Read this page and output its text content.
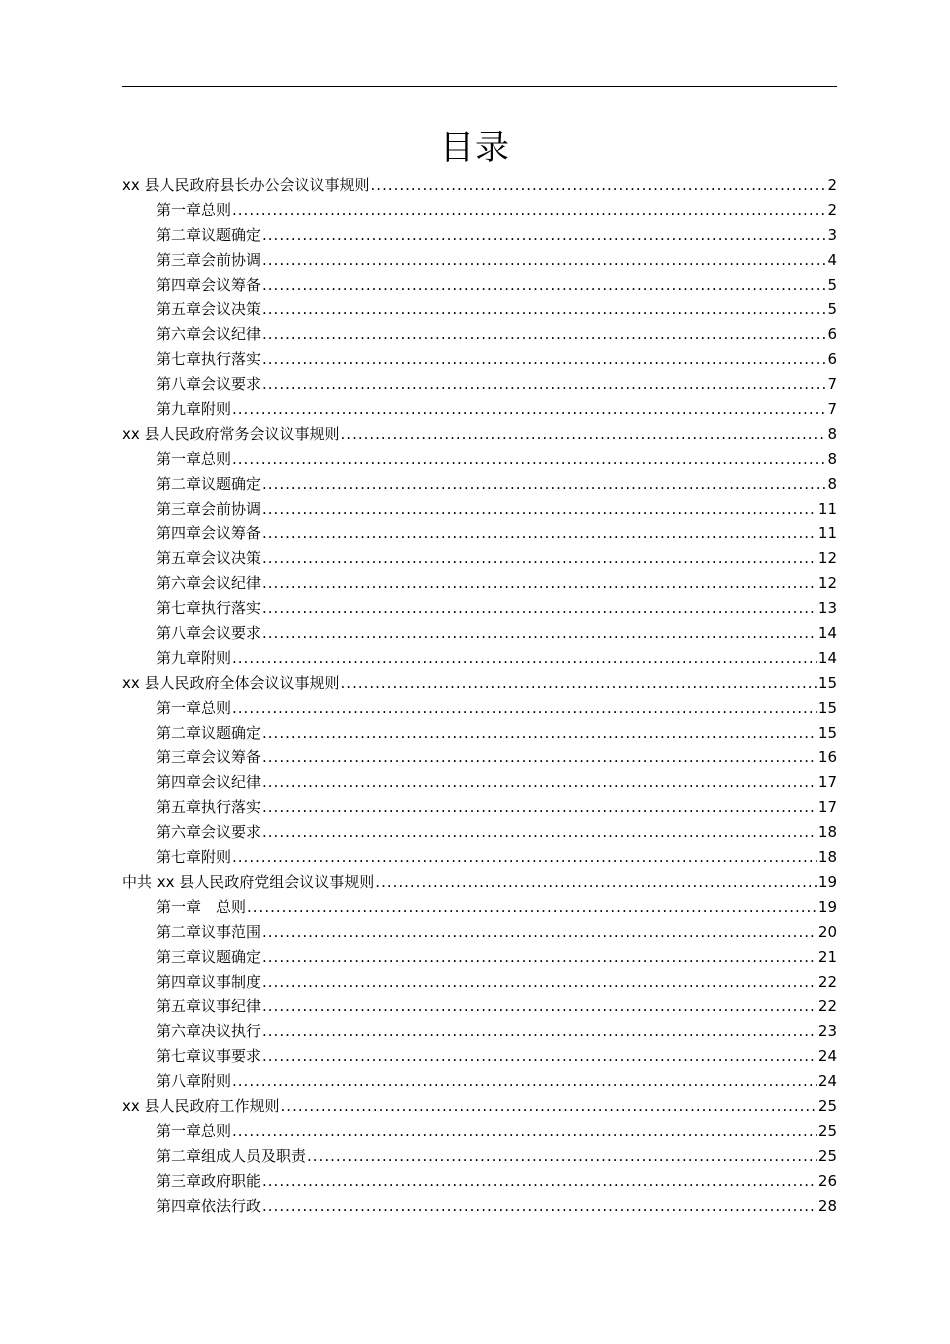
目录
xx 县人民政府县长办公会议议事规则 .....	2
第一章总则 .....	2
第二章议题确定 .....	3
第三章会前协调 .....	4
第四章会议筹备 .....	5
第五章会议决策 .....	5
第六章会议纪律 .....	6
第七章执行落实 .....	6
第八章会议要求 .....	7
第九章附则 .....	7
xx 县人民政府常务会议议事规则 .....	8
第一章总则 .....	8
第二章议题确定 .....	8
第三章会前协调 .....	11
第四章会议筹备 .....	11
第五章会议决策 .....	12
第六章会议纪律 .....	12
第七章执行落实 .....	13
第八章会议要求 .....	14
第九章附则 .....	14
xx 县人民政府全体会议议事规则 .....	15
第一章总则 .....	15
第二章议题确定 .....	15
第三章会议筹备 .....	16
第四章会议纪律 .....	17
第五章执行落实 .....	17
第六章会议要求 .....	18
第七章附则 .....	18
中共 xx 县人民政府党组会议议事规则 .....	19
第一章　总则 .....	19
第二章议事范围 .....	20
第三章议题确定 .....	21
第四章议事制度 .....	22
第五章议事纪律 .....	22
第六章决议执行 .....	23
第七章议事要求 .....	24
第八章附则 .....	24
xx 县人民政府工作规则 .....	25
第一章总则 .....	25
第二章组成人员及职责 .....	25
第三章政府职能 .....	26
第四章依法行政 .....	28
